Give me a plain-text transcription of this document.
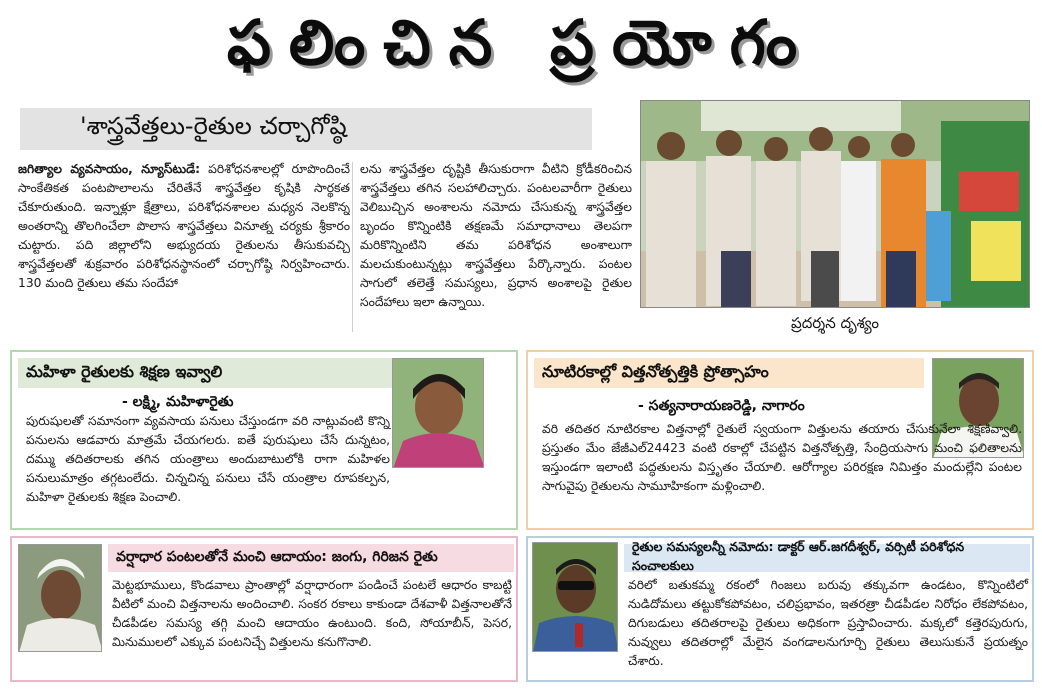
ఫలించిన ప్రయోగం
'శాస్త్రవేత్తలు-రైతుల చర్చాగోష్ఠి
జగిత్యాల వ్యవసాయం, న్యూస్‌టుడే: పరిశోధనశాలల్లో రూపొందించే సాంకేతికత పంటపొలాలను చేరితేనే శాస్త్రవేత్తల కృషికి సార్థకత చేకూరుతుంది. ఇన్నాళ్లూ క్షేత్రాలు, పరిశోధనశాలల మధ్యన నెలకొన్న అంతరాన్ని తొలగించేలా పొలాస శాస్త్రవేత్తలు వినూత్న చర్యకు శ్రీకారం చుట్టారు. పది జిల్లాలోని అభ్యుదయ రైతులను తీసుకువచ్చి శాస్త్రవేత్తలతో శుక్రవారం పరిశోధనస్థానంలో చర్చాగోష్ఠి నిర్వహించారు. 130 మంది రైతులు తమ సందేహా
లను శాస్త్రవేత్తల దృష్టికి తీసుకురాగా వీటిని క్రోడీకరించిన శాస్త్రవేత్తలు తగిన సలహాలిచ్చారు. పంటలవారీగా రైతులు వెలిబుచ్చిన అంశాలను నమోదు చేసుకున్న శాస్త్రవేత్తల బృందం కొన్నింటికి తక్షణమే సమాధానాలు తెలపగా మరికొన్నింటిని తమ పరిశోధన అంశాలుగా మలచుకుంటున్నట్లు శాస్త్రవేత్తలు పేర్కొన్నారు. పంటల సాగులో తలెత్తే సమస్యలు, ప్రధాన అంశాలపై రైతుల సందేహాలు ఇలా ఉన్నాయి.
ప్రదర్శన దృశ్యం
మహిళా రైతులకు శిక్షణ ఇవ్వాలి
- లక్ష్మి, మహిళారైతు
పురుషులతో సమానంగా వ్యవసాయ పనులు చేస్తుండగా వరి నాట్లువంటి కొన్ని పనులను ఆడవారు మాత్రమే చేయగలరు. ఐతే పురుషులు చేసే దున్నటం, దమ్ము తదితరాలకు తగిన యంత్రాలు అందుబాటులోకి రాగా మహిళల పనులుమాత్రం తగ్గటంలేదు. చిన్నచిన్న పనులు చేసే యంత్రాల రూపకల్పన, మహిళా రైతులకు శిక్షణ పెంచాలి.
నూటిరకాల్లో విత్తనోత్పత్తికి ప్రోత్సాహం
- సత్యనారాయణరెడ్డి, నాగారం
వరి తదితర నూటిరకాల విత్తనాల్లో రైతులే స్వయంగా విత్తులను తయారు చేసుకునేలా శిక్షణివ్వాలి. ప్రస్తుతం మేం జేజీఎల్‌24423 వంటి రకాల్లో చేపట్టిన విత్తనోత్పత్తి, సేంద్రియసాగు మంచి ఫలితాలను ఇస్తుండగా ఇలాంటి పద్ధతులను విస్తృతం చేయాలి. ఆరోగ్యాల పరిరక్షణ నిమిత్తం మందుల్లేని పంటల సాగువైపు రైతులను సామూహికంగా మళ్లించాలి.
వర్షాధార పంటలతోనే మంచి ఆదాయం: జంగు, గిరిజన రైతు
మెట్టభూములు, కొండవాలు ప్రాంతాల్లో వర్షాధారంగా పండించే పంటలే ఆధారం కాబట్టి వీటిలో మంచి విత్తనాలను అందించాలి. సంకర రకాలు కాకుండా దేశవాళీ విత్తనాలతోనే చీడపీడల సమస్య తగ్గి మంచి ఆదాయం ఉంటుంది. కంది, సోయాబీన్, పెసర, మినుములలో ఎక్కువ పంటనిచ్చే విత్తులను కనుగొనాలి.
రైతుల సమస్యలన్నీ నమోదు: డాక్టర్ ఆర్.జగదీశ్వర్, వర్సిటీ పరిశోధన సంచాలకులు
వరిలో బతుకమ్మ రకంలో గింజలు బరువు తక్కువగా ఉండటం, కొన్నింటిలో నుడిదోమలు తట్టుకోకపోవటం, చలిప్రభావం, ఇతరత్రా చీడపీడల నిరోధం లేకపోవటం, దిగుబడులు తదితరాలపై రైతులు అధికంగా ప్రస్తావించారు. మక్కలో కత్తెరపురుగు, నువ్వులు తదితరాల్లో మేలైన వంగడాలనుగూర్చి రైతులు తెలుసుకునే ప్రయత్నం చేశారు.
